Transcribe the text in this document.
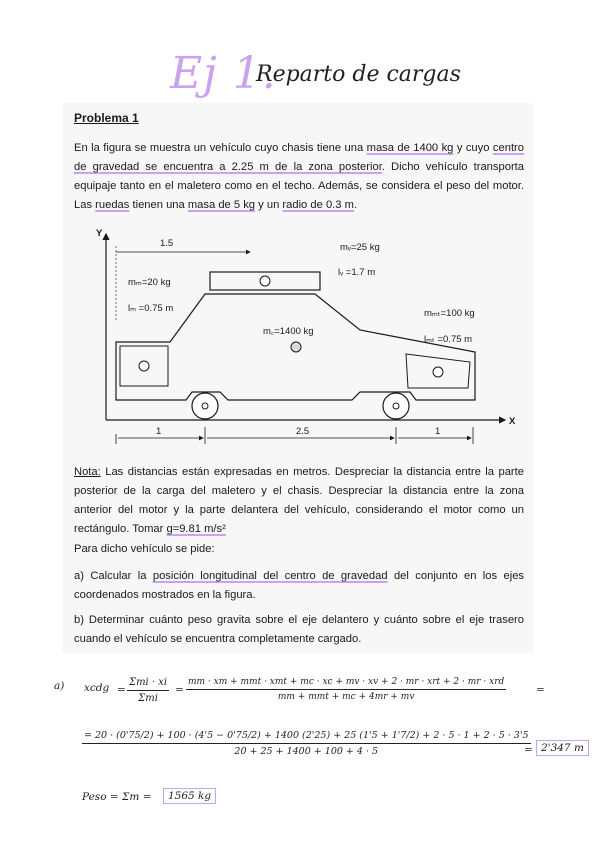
Ej 1.
Reparto de cargas
Problema 1
En la figura se muestra un vehículo cuyo chasis tiene una masa de 1400 kg y cuyo centro de gravedad se encuentra a 2.25 m de la zona posterior. Dicho vehículo transporta equipaje tanto en el maletero como en el techo. Además, se considera el peso del motor. Las ruedas tienen una masa de 5 kg y un radio de 0.3 m.
Y
X
1.5	mᵥ=25 kg
lᵥ =1.7 m
mₘ=20 kg
lₘ =0.75 m
m꜀=1400 kg
mₘₜ=100 kg
lₘₜ =0.75 m
1	2.5	1
Nota: Las distancias están expresadas en metros. Despreciar la distancia entre la parte posterior de la carga del maletero y el chasis. Despreciar la distancia entre la zona anterior del motor y la parte delantera del vehículo, considerando el motor como un rectángulo. Tomar g=9.81 m/s²
Para dicho vehículo se pide:
a) Calcular la posición longitudinal del centro de gravedad del conjunto en los ejes coordenados mostrados en la figura.
b) Determinar cuánto peso gravita sobre el eje delantero y cuánto sobre el eje trasero cuando el vehículo se encuentra completamente cargado.
a) xcdg =
Σmi · xi
Σmi
=
mm · xm + mmt · xmt + mc · xc + mv · xv + 2 · mr · xrt + 2 · mr · xrd
mm + mmt + mc + 4mr + mv
=
= 20 · (0'75/2) + 100 · (4'5 − 0'75/2) + 1400 (2'25) + 25 (1'5 + 1'7/2) + 2 · 5 · 1 + 2 · 5 · 3'5
20 + 25 + 1400 + 100 + 4 · 5	= 2'347 m
Peso = Σm =	1565 kg
